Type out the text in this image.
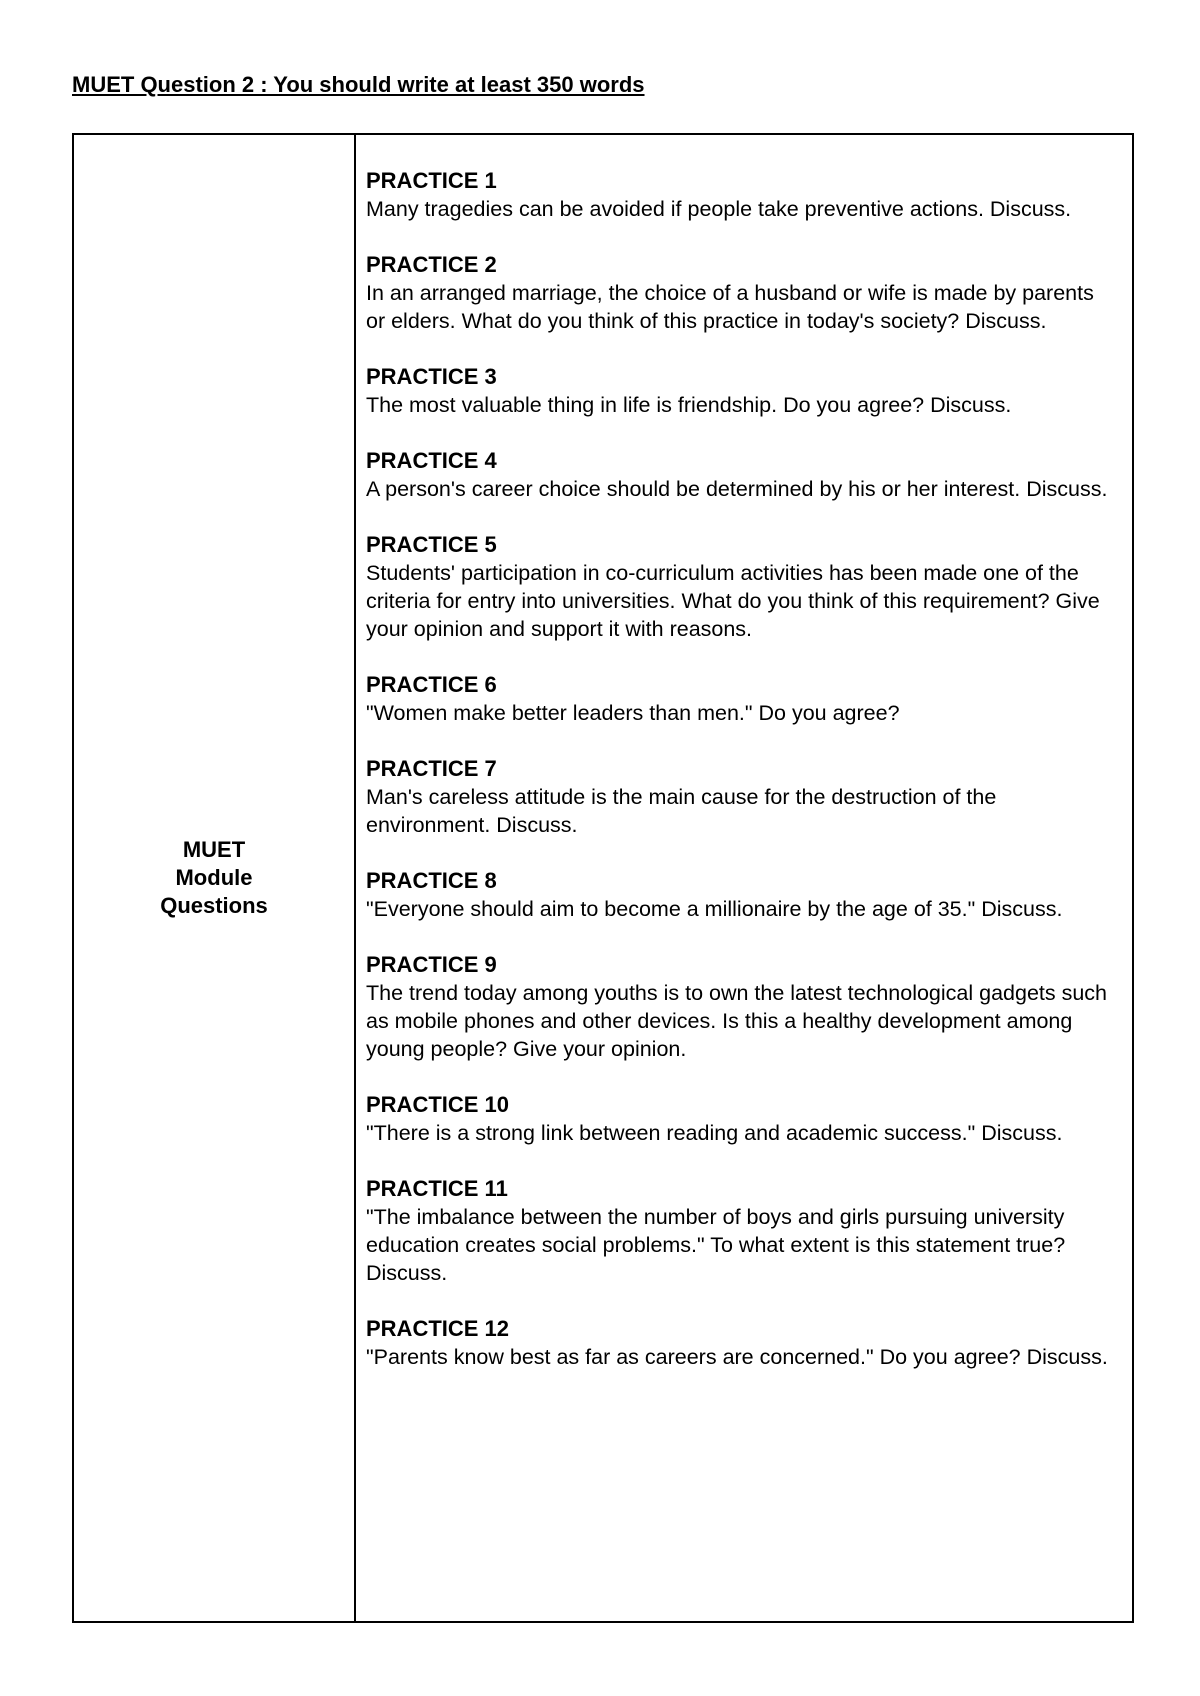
MUET Question 2 : You should write at least 350 words
MUET
Module
Questions
PRACTICE 1
Many tragedies can be avoided if people take preventive actions. Discuss.
PRACTICE 2
In an arranged marriage, the choice of a husband or wife is made by parents or elders. What do you think of this practice in today's society? Discuss.
PRACTICE 3
The most valuable thing in life is friendship. Do you agree? Discuss.
PRACTICE 4
A person's career choice should be determined by his or her interest. Discuss.
PRACTICE 5
Students' participation in co-curriculum activities has been made one of the criteria for entry into universities. What do you think of this requirement? Give your opinion and support it with reasons.
PRACTICE 6
"Women make better leaders than men." Do you agree?
PRACTICE 7
Man's careless attitude is the main cause for the destruction of the environment. Discuss.
PRACTICE 8
"Everyone should aim to become a millionaire by the age of 35." Discuss.
PRACTICE 9
The trend today among youths is to own the latest technological gadgets such as mobile phones and other devices. Is this a healthy development among young people? Give your opinion.
PRACTICE 10
"There is a strong link between reading and academic success." Discuss.
PRACTICE 11
"The imbalance between the number of boys and girls pursuing university education creates social problems." To what extent is this statement true? Discuss.
PRACTICE 12
"Parents know best as far as careers are concerned." Do you agree? Discuss.
